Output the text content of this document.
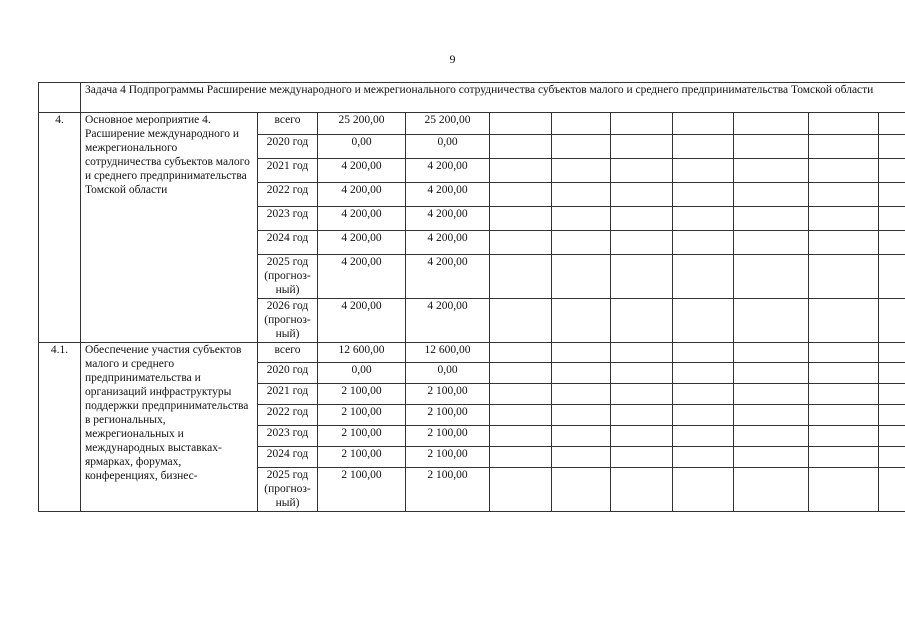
9
	Задача 4 Подпрограммы Расширение международного и межрегионального сотрудничества субъектов малого и среднего предпринимательства Томской области										
4.	Основное мероприятие 4. Расширение международного и межрегионального сотрудничества субъектов малого и среднего предпринимательства Томской области	всего	25 200,00	25 200,00							
		2020 год	0,00	0,00							
		2021 год	4 200,00	4 200,00							
		2022 год	4 200,00	4 200,00							
		2023 год	4 200,00	4 200,00							
		2024 год	4 200,00	4 200,00							
		2025 год (прогноз-ный)	4 200,00	4 200,00							
		2026 год (прогноз-ный)	4 200,00	4 200,00							
4.1.	Обеспечение участия субъектов малого и среднего предпринимательства и организаций инфраструктуры поддержки предпринимательства в региональных, межрегиональных и международных выставках-ярмарках, форумах, конференциях, бизнес-	всего	12 600,00	12 600,00							
		2020 год	0,00	0,00							
		2021 год	2 100,00	2 100,00							
		2022 год	2 100,00	2 100,00							
		2023 год	2 100,00	2 100,00							
		2024 год	2 100,00	2 100,00							
		2025 год (прогноз-ный)	2 100,00	2 100,00							
